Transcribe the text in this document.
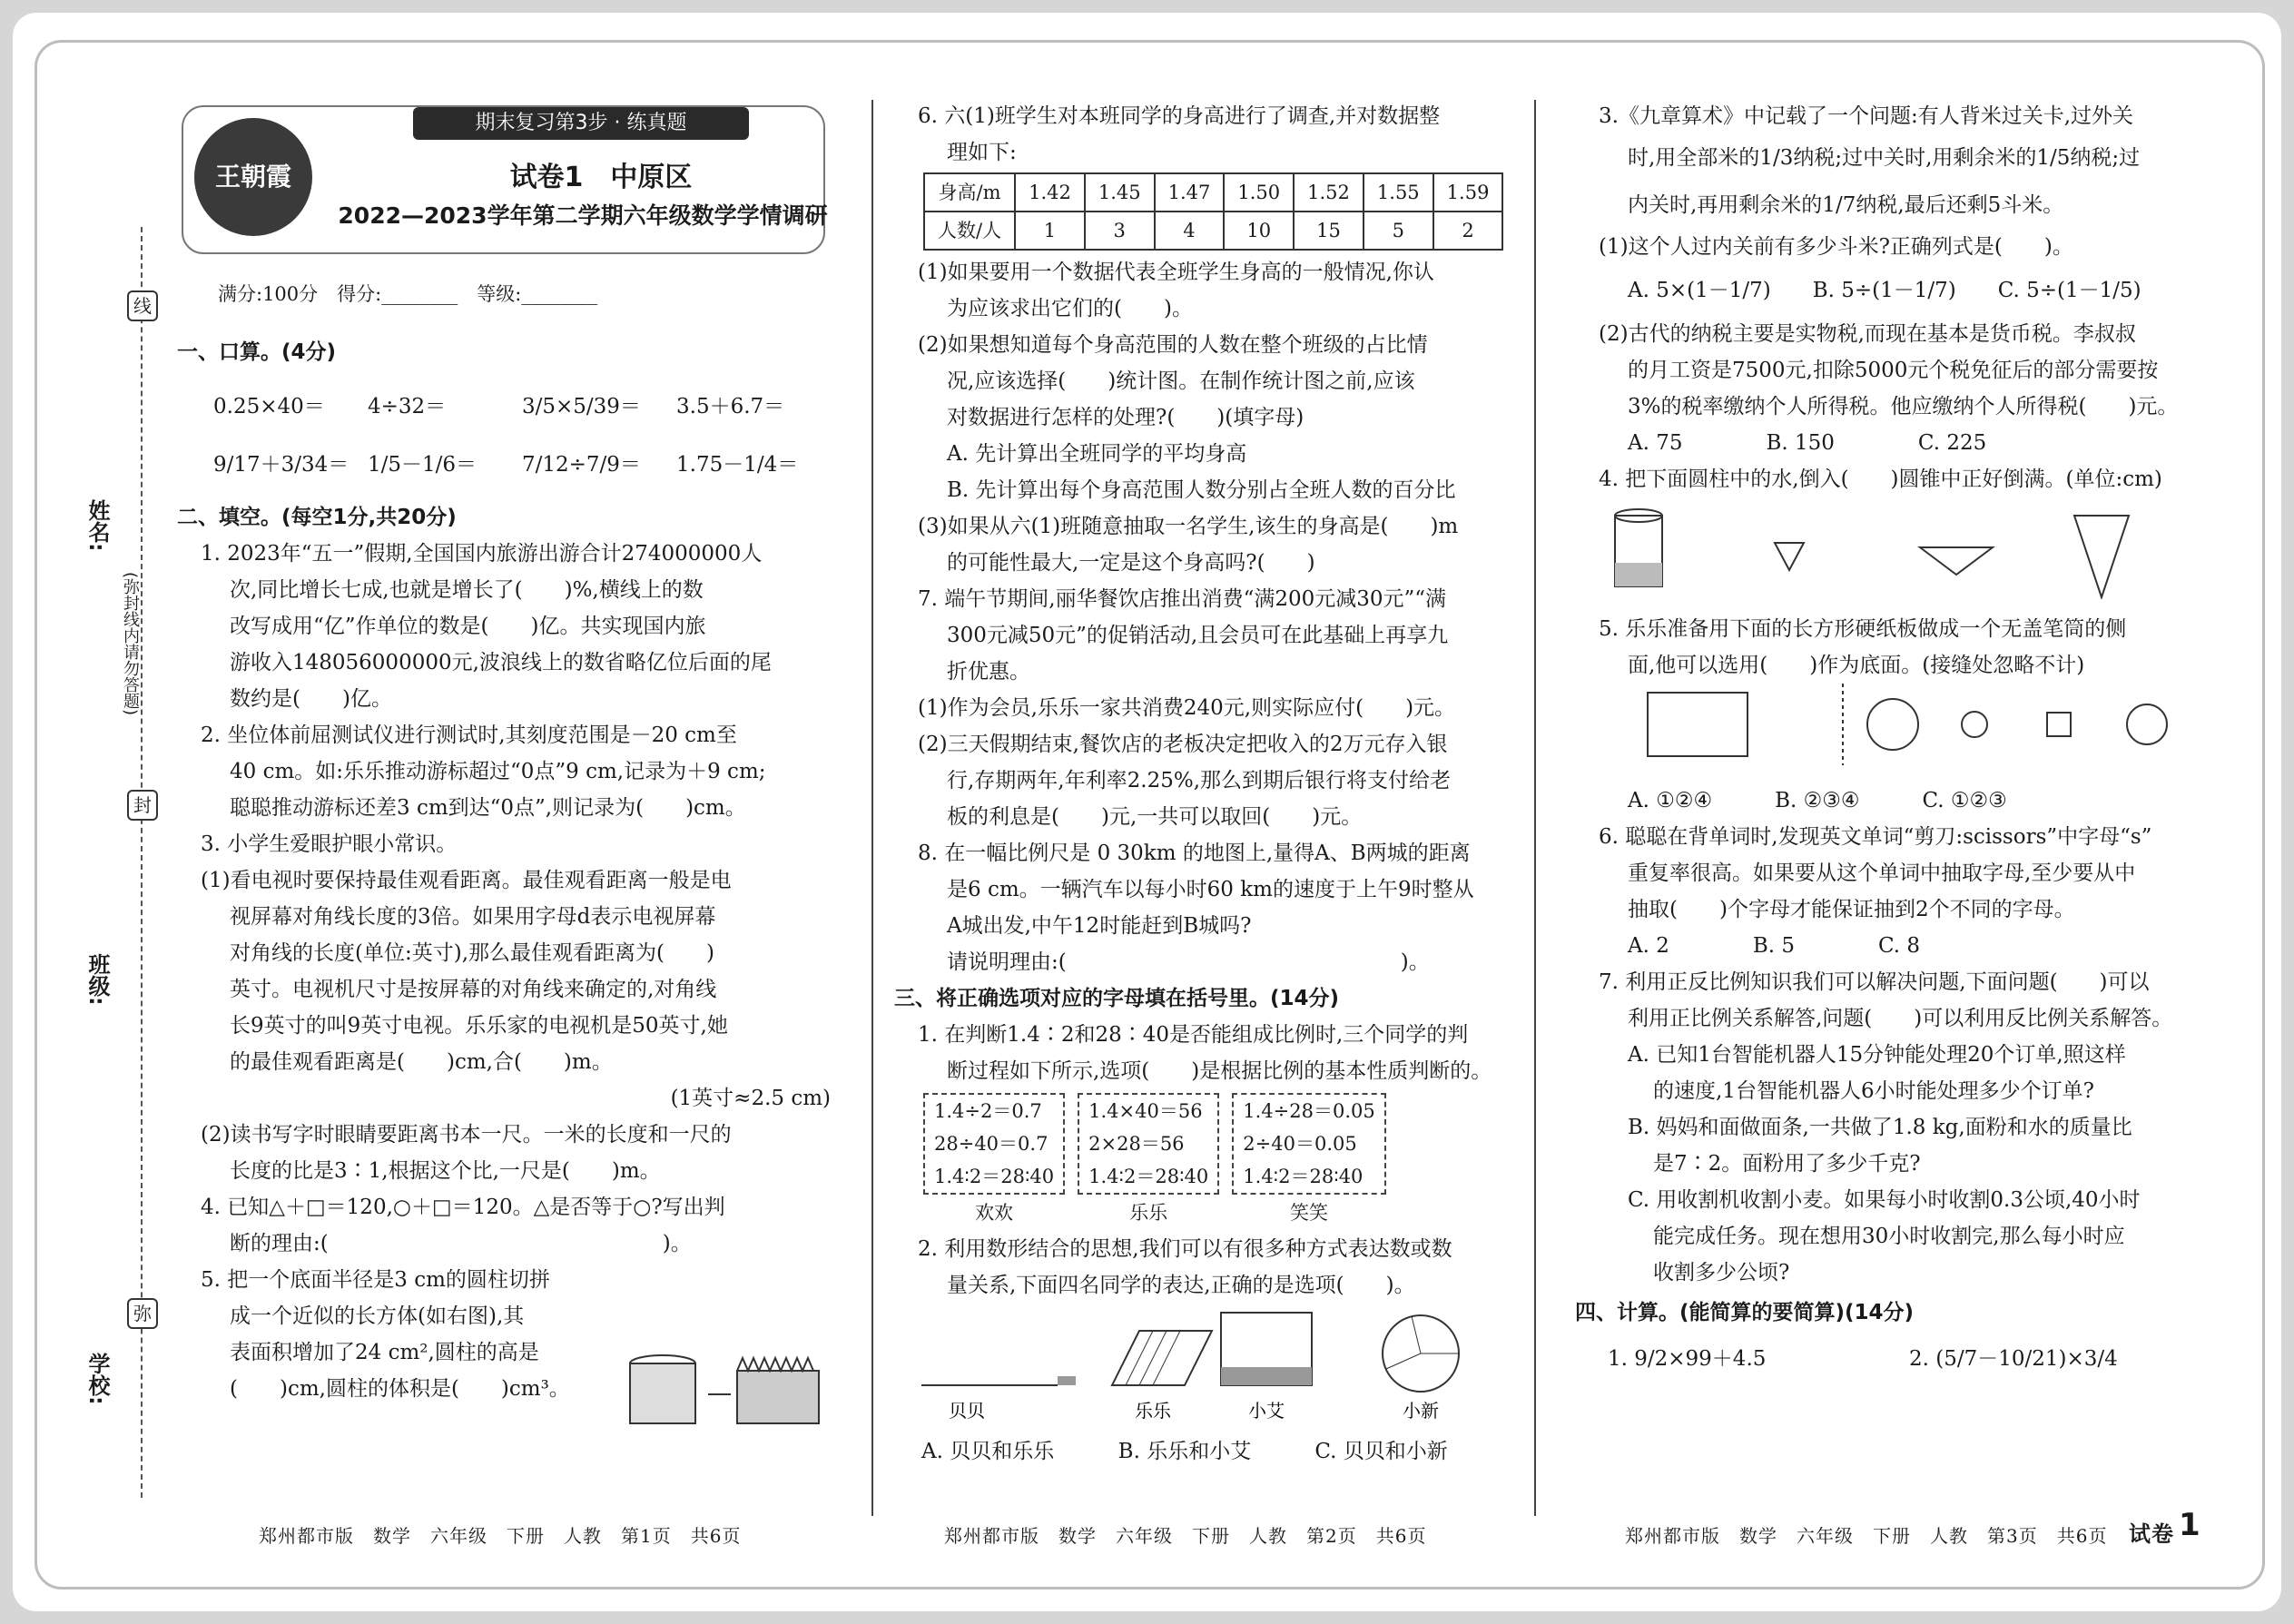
姓名:
班级:
学校:
(弥封线内请勿答题)
线
封
弥
王朝霞
期末复习第3步 · 练真题
试卷1　中原区
2022—2023学年第二学期六年级数学学情调研
满分:100分　得分:________　等级:________
一、口算。(4分)
0.25×40＝	4÷32＝	3/5×5/39＝	3.5＋6.7＝
9/17＋3/34＝ 1/5－1/6＝	7/12÷7/9＝	1.75－1/4＝
二、填空。(每空1分,共20分)
1. 2023年“五一”假期,全国国内旅游出游合计274000000人
次,同比增长七成,也就是增长了(　　)%,横线上的数
改写成用“亿”作单位的数是(　　)亿。共实现国内旅
游收入148056000000元,波浪线上的数省略亿位后面的尾
数约是(　　)亿。
2. 坐位体前屈测试仪进行测试时,其刻度范围是－20 cm至
40 cm。如:乐乐推动游标超过“0点”9 cm,记录为＋9 cm;
聪聪推动游标还差3 cm到达“0点”,则记录为(　　)cm。
3. 小学生爱眼护眼小常识。
(1)看电视时要保持最佳观看距离。最佳观看距离一般是电
视屏幕对角线长度的3倍。如果用字母d表示电视屏幕
对角线的长度(单位:英寸),那么最佳观看距离为(　　)
英寸。电视机尺寸是按屏幕的对角线来确定的,对角线
长9英寸的叫9英寸电视。乐乐家的电视机是50英寸,她
的最佳观看距离是(　　)cm,合(　　)m。
(1英寸≈2.5 cm)
(2)读书写字时眼睛要距离书本一尺。一米的长度和一尺的
长度的比是3∶1,根据这个比,一尺是(　　)m。
4. 已知△＋□＝120,○＋□＝120。△是否等于○?写出判
断的理由:(　　　　　　　　　　　　　　　　)。
5. 把一个底面半径是3 cm的圆柱切拼
成一个近似的长方体(如右图),其
表面积增加了24 cm²,圆柱的高是
(　　)cm,圆柱的体积是(　　)cm³。
6. 六(1)班学生对本班同学的身高进行了调查,并对数据整
理如下:
身高/m	1.42	1.45	1.47	1.50	1.52	1.55	1.59
人数/人	1	3	4	10	15	5	2
(1)如果要用一个数据代表全班学生身高的一般情况,你认
为应该求出它们的(　　)。
(2)如果想知道每个身高范围的人数在整个班级的占比情
况,应该选择(　　)统计图。在制作统计图之前,应该
对数据进行怎样的处理?(　　)(填字母)
A. 先计算出全班同学的平均身高
B. 先计算出每个身高范围人数分别占全班人数的百分比
(3)如果从六(1)班随意抽取一名学生,该生的身高是(　　)m
的可能性最大,一定是这个身高吗?(　　)
7. 端午节期间,丽华餐饮店推出消费“满200元减30元”“满
300元减50元”的促销活动,且会员可在此基础上再享九
折优惠。
(1)作为会员,乐乐一家共消费240元,则实际应付(　　)元。
(2)三天假期结束,餐饮店的老板决定把收入的2万元存入银
行,存期两年,年利率2.25%,那么到期后银行将支付给老
板的利息是(　　)元,一共可以取回(　　)元。
8. 在一幅比例尺是 0 30km 的地图上,量得A、B两城的距离
是6 cm。一辆汽车以每小时60 km的速度于上午9时整从
A城出发,中午12时能赶到B城吗?
请说明理由:(　　　　　　　　　　　　　　　　)。
三、将正确选项对应的字母填在括号里。(14分)
1. 在判断1.4∶2和28∶40是否能组成比例时,三个同学的判
断过程如下所示,选项(　　)是根据比例的基本性质判断的。
1.4÷2＝0.7
28÷40＝0.7
1.4∶2＝28∶40
欢欢
1.4×40＝56
2×28＝56
1.4∶2＝28∶40
乐乐
1.4÷28＝0.05
2÷40＝0.05
1.4∶2＝28∶40
笑笑
2. 利用数形结合的思想,我们可以有很多种方式表达数或数
量关系,下面四名同学的表达,正确的是选项(　　)。
贝贝	乐乐	小艾	小新
A. 贝贝和乐乐	B. 乐乐和小艾	C. 贝贝和小新
3.《九章算术》中记载了一个问题:有人背米过关卡,过外关
时,用全部米的1/3纳税;过中关时,用剩余米的1/5纳税;过
内关时,再用剩余米的1/7纳税,最后还剩5斗米。
(1)这个人过内关前有多少斗米?正确列式是(　　)。
A. 5×(1－1/7)　　B. 5÷(1－1/7)　　C. 5÷(1－1/5)
(2)古代的纳税主要是实物税,而现在基本是货币税。李叔叔
的月工资是7500元,扣除5000元个税免征后的部分需要按
3%的税率缴纳个人所得税。他应缴纳个人所得税(　　)元。
A. 75　　　　B. 150　　　　C. 225
4. 把下面圆柱中的水,倒入(　　)圆锥中正好倒满。(单位:cm)
5. 乐乐准备用下面的长方形硬纸板做成一个无盖笔筒的侧
面,他可以选用(　　)作为底面。(接缝处忽略不计)
A. ①②④　　　B. ②③④　　　C. ①②③
6. 聪聪在背单词时,发现英文单词“剪刀:scissors”中字母“s”
重复率很高。如果要从这个单词中抽取字母,至少要从中
抽取(　　)个字母才能保证抽到2个不同的字母。
A. 2　　　　B. 5　　　　C. 8
7. 利用正反比例知识我们可以解决问题,下面问题(　　)可以
利用正比例关系解答,问题(　　)可以利用反比例关系解答。
A. 已知1台智能机器人15分钟能处理20个订单,照这样
的速度,1台智能机器人6小时能处理多少个订单?
B. 妈妈和面做面条,一共做了1.8 kg,面粉和水的质量比
是7∶2。面粉用了多少千克?
C. 用收割机收割小麦。如果每小时收割0.3公顷,40小时
能完成任务。现在想用30小时收割完,那么每小时应
收割多少公顷?
四、计算。(能简算的要简算)(14分)
1. 9/2×99＋4.5	2. (5/7－10/21)×3/4
郑州都市版　数学　六年级　下册　人教　第1页　共6页	郑州都市版　数学　六年级　下册　人教　第2页　共6页	郑州都市版　数学　六年级　下册　人教　第3页　共6页 试卷 1
